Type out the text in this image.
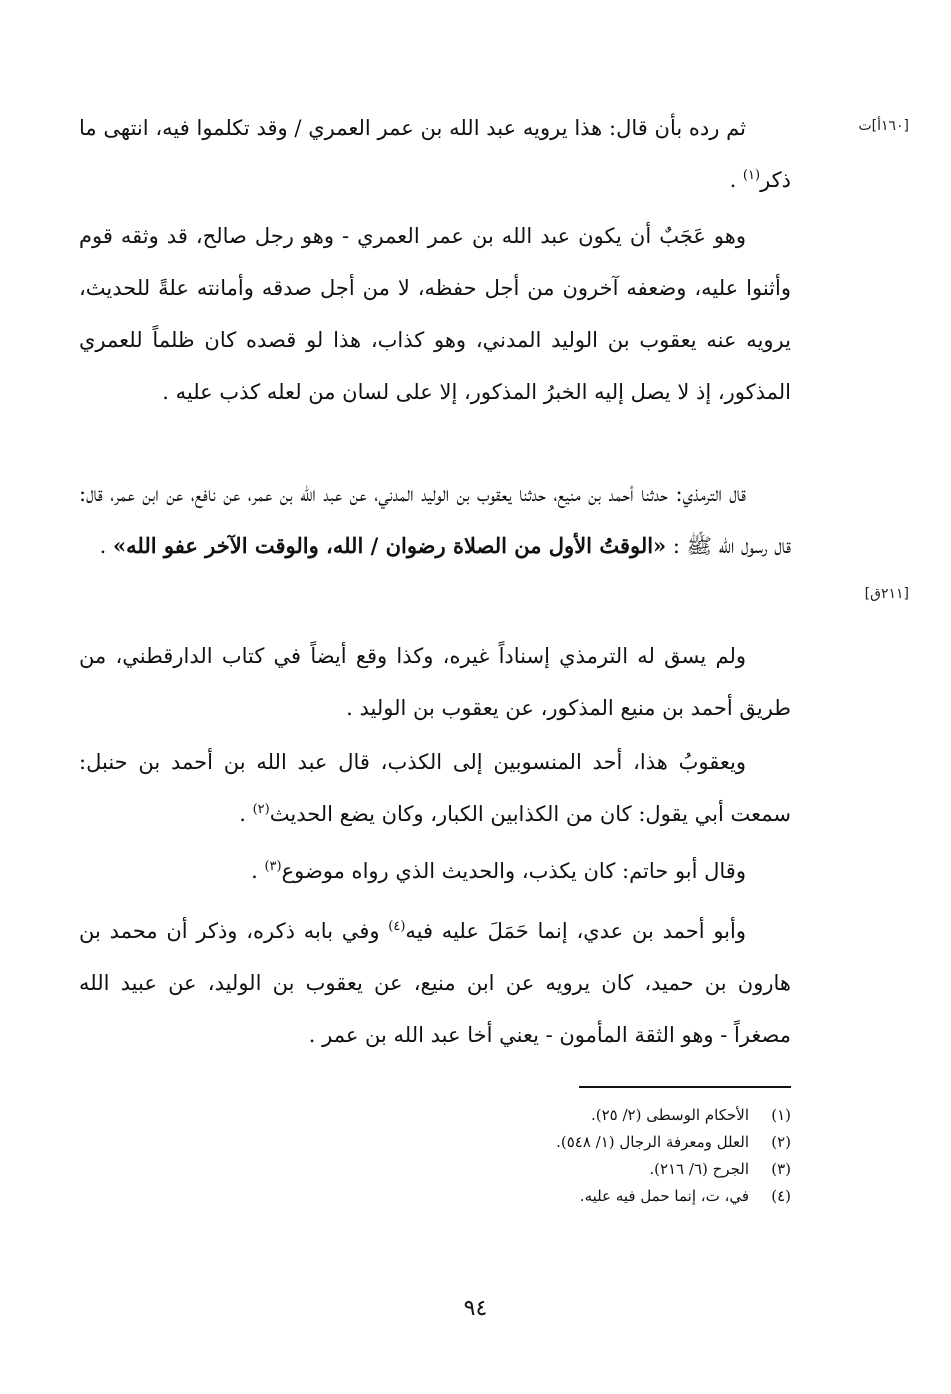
[١٦٠أ]ت
[٢١١ق]

ثم رده بأن قال: هذا يرويه عبد الله بن عمر العمري / وقد تكلموا فيه، انتهى ما ذكر$^{(١)}$ .

وهو عَجَبٌ أن يكون عبد الله بن عمر العمري - وهو رجل صالح، قد وثقه قوم وأثنوا عليه، وضعفه آخرون من أجل حفظه، لا من أجل صدقه وأمانته علةً للحديث، يرويه عنه يعقوب بن الوليد المدني، وهو كذاب، هذا لو قصده كان ظلماً للعمري المذكور، إذ لا يصل إليه الخبرُ المذكور، إلا على لسان من لعله كذب عليه .

قال الترمذي: حدثنا أحمد بن منيع، حدثنا يعقوب بن الوليد المدني، عن عبد الله بن عمر، عن نافع، عن ابن عمر، قال: قال رسول الله ﷺ : «الوقتُ الأول من الصلاة رضوان / الله، والوقت الآخر عفو الله» .

ولم يسق له الترمذي إسناداً غيره، وكذا وقع أيضاً في كتاب الدارقطني، من طريق أحمد بن منيع المذكور، عن يعقوب بن الوليد .

ويعقوبُ هذا، أحد المنسوبين إلى الكذب، قال عبد الله بن أحمد بن حنبل: سمعت أبي يقول: كان من الكذابين الكبار، وكان يضع الحديث$^{(٢)}$ .

وقال أبو حاتم: كان يكذب، والحديث الذي رواه موضوع$^{(٣)}$ .

وأبو أحمد بن عدي، إنما حَمَلَ عليه فيه$^{(٤)}$ وفي بابه ذكره، وذكر أن محمد بن هارون بن حميد، كان يرويه عن ابن منيع، عن يعقوب بن الوليد، عن عبيد الله مصغراً - وهو الثقة المأمون - يعني أخا عبد الله بن عمر .

(١)الأحكام الوسطى (٢/ ٢٥).
(٢)العلل ومعرفة الرجال (١/ ٥٤٨).
(٣)الجرح (٦/ ٢١٦).
(٤)في، ت، إنما حمل فيه عليه.
٩٤
